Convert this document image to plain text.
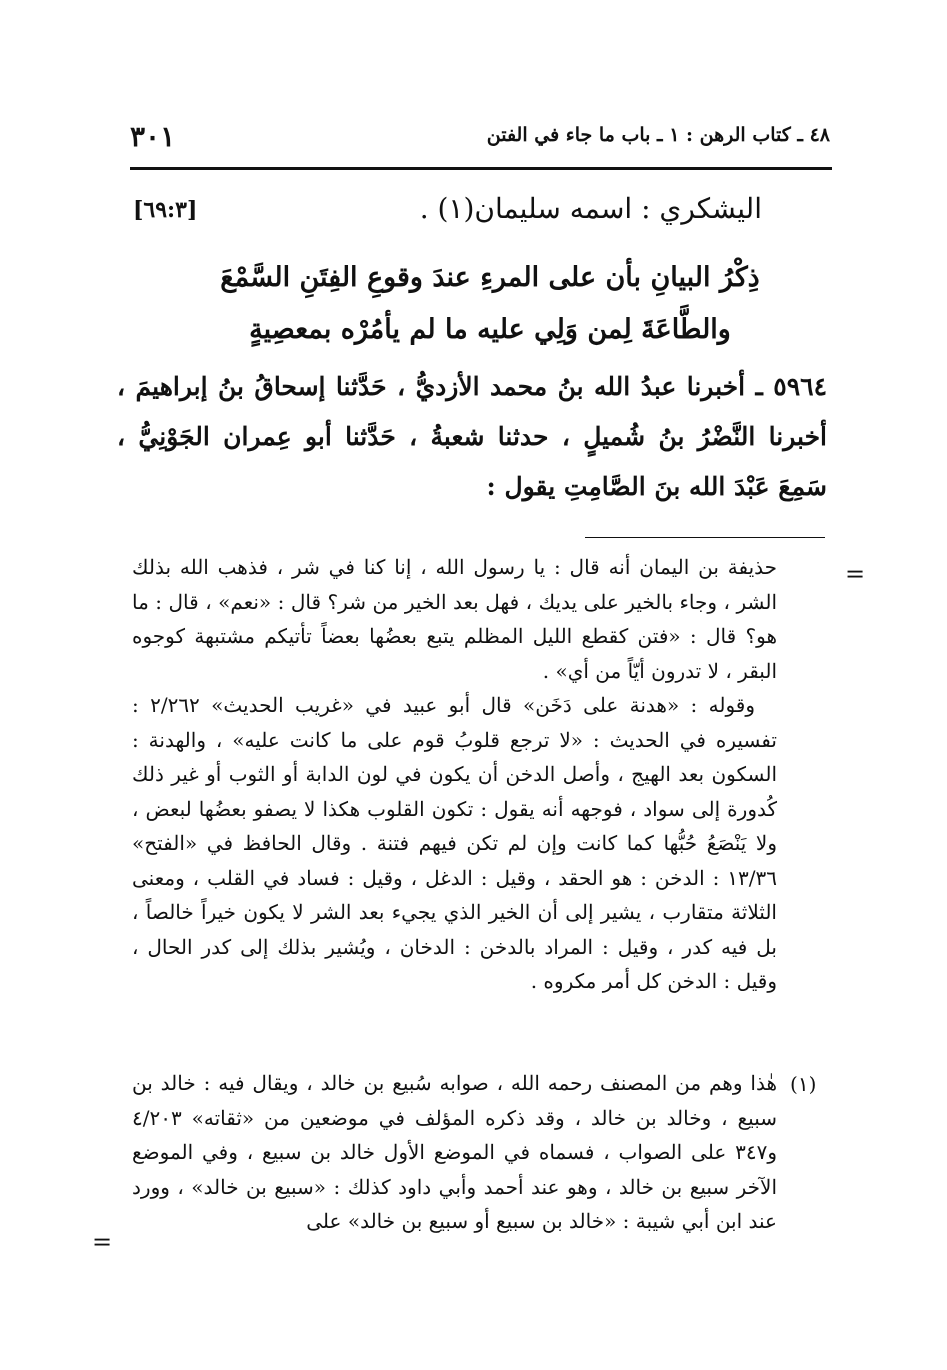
٤٨ ـ كتاب الرهن : ١ ـ باب ما جاء في الفتن
٣٠١
[٦٩:٣]	اليشكري : اسمه سليمان(١) .
ذِكْرُ البيانِ بأن على المرءِ عندَ وقوعِ الفِتَنِ السَّمْعَ
والطَّاعَةَ لِمن وَلِي عليه ما لم يأمُرْه بمعصِيةٍ
٥٩٦٤ ـ أخبرنا عبدُ الله بنُ محمد الأزديُّ ، حَدَّثنا إسحاقُ بنُ إبراهيمَ ، أخبرنا النَّضْرُ بنُ شُميلٍ ، حدثنا شعبةُ ، حَدَّثنا أبو عِمران الجَوْنِيُّ ، سَمِعَ عَبْدَ الله بنَ الصَّامِتِ يقول :
=

حذيفة بن اليمان أنه قال : يا رسول الله ، إنا كنا في شر ، فذهب الله بذلك الشر ، وجاء بالخير على يديك ، فهل بعد الخير من شر؟ قال : «نعم» ، قال : ما هو؟ قال : «فتن كقطع الليل المظلم يتبع بعضُها بعضاً تأتيكم مشتبهة كوجوه البقر ، لا تدرون أيّاً من أي» .

وقوله : «هدنة على دَخَن» قال أبو عبيد في «غريب الحديث» ٢/٢٦٢ : تفسيره في الحديث : «لا ترجع قلوبُ قوم على ما كانت عليه» ، والهدنة : السكون بعد الهيج ، وأصل الدخن أن يكون في لون الدابة أو الثوب أو غير ذلك كُدورة إلى سواد ، فوجهه أنه يقول : تكون القلوب هكذا لا يصفو بعضُها لبعض ، ولا يَنْصَعُ حُبُّها كما كانت وإن لم تكن فيهم فتنة . وقال الحافظ في «الفتح» ١٣/٣٦ : الدخن : هو الحقد ، وقيل : الدغل ، وقيل : فساد في القلب ، ومعنى الثلاثة متقارب ، يشير إلى أن الخير الذي يجيء بعد الشر لا يكون خيراً خالصاً ، بل فيه كدر ، وقيل : المراد بالدخن : الدخان ، ويُشير بذلك إلى كدر الحال ، وقيل : الدخن كل أمر مكروه .

(١)

هٰذا وهم من المصنف رحمه الله ، صوابه سُبيع بن خالد ، ويقال فيه : خالد بن سبيع ، وخالد بن خالد ، وقد ذكره المؤلف في موضعين من «ثقاته» ٤/٢٠٣ و٣٤٧ على الصواب ، فسماه في الموضع الأول خالد بن سبيع ، وفي الموضع الآخر سبيع بن خالد ، وهو عند أحمد وأبي داود كذلك : «سبيع بن خالد» ، وورد عند ابن أبي شيبة : «خالد بن سبيع أو سبيع بن خالد» على

=
